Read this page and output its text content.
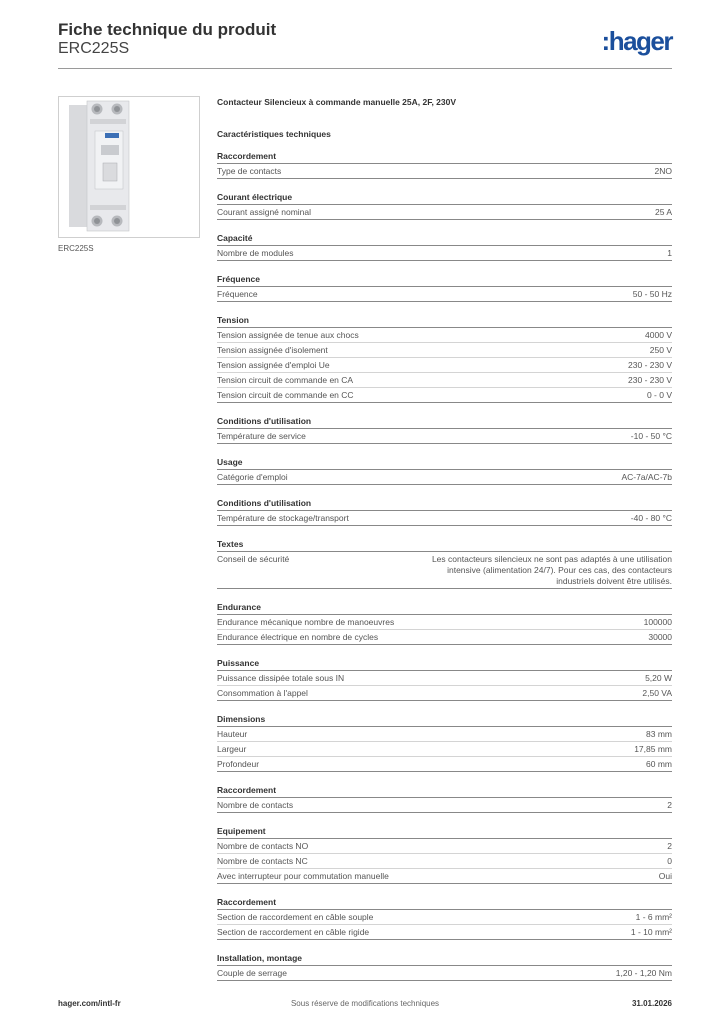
Fiche technique du produit
ERC225S	:hager
ERC225S
Contacteur Silencieux à commande manuelle 25A, 2F, 230V
Caractéristiques techniques
Raccordement
Type de contacts	2NO
Courant électrique
Courant assigné nominal	25 A
Capacité
Nombre de modules	1
Fréquence
Fréquence	50 - 50 Hz
Tension
Tension assignée de tenue aux chocs	4000 V
Tension assignée d'isolement	250 V
Tension assignée d'emploi Ue	230 - 230 V
Tension circuit de commande en CA	230 - 230 V
Tension circuit de commande en CC	0 - 0 V
Conditions d'utilisation
Température de service	-10 - 50 °C
Usage
Catégorie d'emploi	AC-7a/AC-7b
Conditions d'utilisation
Température de stockage/transport	-40 - 80 °C
Textes
Conseil de sécurité	Les contacteurs silencieux ne sont pas adaptés à une utilisation intensive (alimentation 24/7). Pour ces cas, des contacteurs industriels doivent être utilisés.
Endurance
Endurance mécanique nombre de manoeuvres	100000
Endurance électrique en nombre de cycles	30000
Puissance
Puissance dissipée totale sous IN	5,20 W
Consommation à l'appel	2,50 VA
Dimensions
Hauteur	83 mm
Largeur	17,85 mm
Profondeur	60 mm
Raccordement
Nombre de contacts	2
Equipement
Nombre de contacts NO	2
Nombre de contacts NC	0
Avec interrupteur pour commutation manuelle	Oui
Raccordement
Section de raccordement en câble souple	1 - 6 mm²
Section de raccordement en câble rigide	1 - 10 mm²
Installation, montage
Couple de serrage	1,20 - 1,20 Nm
hager.com/intl-fr	Sous réserve de modifications techniques	31.01.2026
